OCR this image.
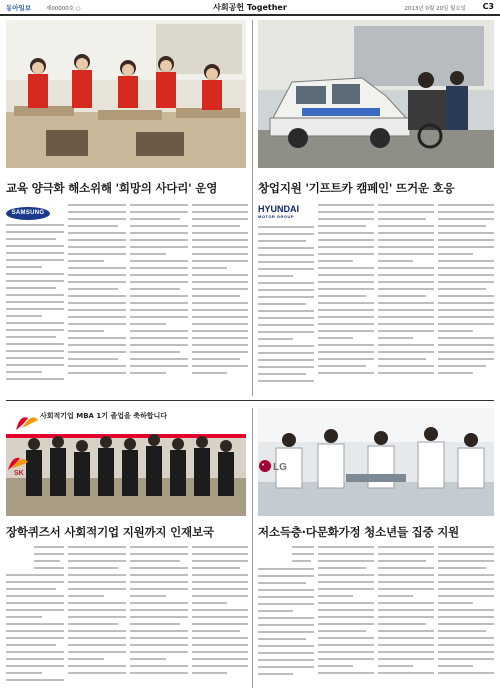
동아일보	제00000호 ○	사회공헌 Together	2013년 0월 20일 월요일 C3
교육 양극화 해소위해 '희망의 사다리' 운영	창업지원 '기프트카 캠페인' 뜨거운 호응
SAMSUNG	HYUNDAI
MOTOR GROUP
사회적기업 MBA 1기 졸업을 축하합니다
장학퀴즈서 사회적기업 지원까지 인재보국	저소득층·다문화가정 청소년들 집중 지원
SK
LG
